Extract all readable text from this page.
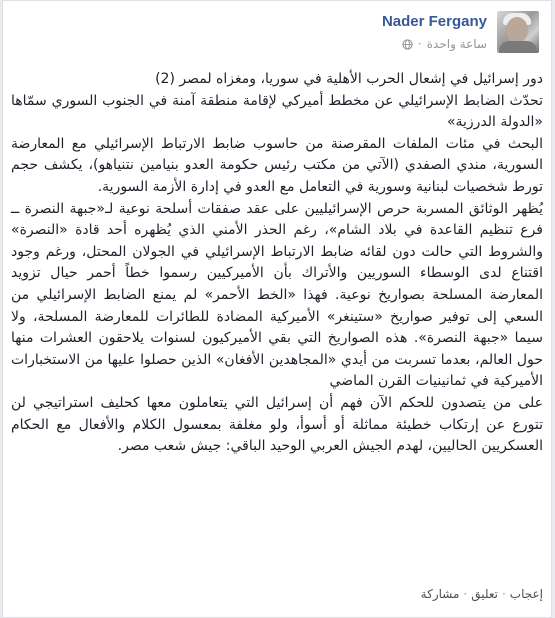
Nader Fergany
ساعة واحدة
·

دور إسرائيل في إشعال الحرب الأهلية في سوريا، ومغزاه لمصر (2)

تحدّث الضابط الإسرائيلي عن مخطط أميركي لإقامة منطقة آمنة في الجنوب السوري سمّاها «الدولة الدرزية»

البحث في مئات الملفات المقرصنة من حاسوب ضابط الارتباط الإسرائيلي مع المعارضة السورية، مندي الصفدي (الآتي من مكتب رئيس حكومة العدو بنيامين نتنياهو)، يكشف حجم تورط شخصيات لبنانية وسورية في التعامل مع العدو في إدارة الأزمة السورية.

يُظهر الوثائق المسربة حرص الإسرائيليين على عقد صفقات أسلحة نوعية لـ«جبهة النصرة ــ فرع تنظيم القاعدة في بلاد الشام»، رغم الحذر الأمني الذي يُظهره أحد قادة «النصرة» والشروط التي حالت دون لقائه ضابط الارتباط الإسرائيلي في الجولان المحتل، ورغم وجود اقتناع لدى الوسطاء السوريين والأتراك بأن الأميركيين رسموا خطاً أحمر حيال تزويد المعارضة المسلحة بصواريخ نوعية. فهذا «الخط الأحمر» لم يمنع الضابط الإسرائيلي من السعي إلى توفير صواريخ «ستينغر» الأميركية المضادة للطائرات للمعارضة المسلحة، ولا سيما «جبهة النصرة». هذه الصواريخ التي بقي الأميركيون لسنوات يلاحقون العشرات منها حول العالم، بعدما تسربت من أيدي «المجاهدين الأفغان» الذين حصلوا عليها من الاستخبارات الأميركية في ثمانينيات القرن الماضي

على من يتصدون للحكم الآن فهم أن إسرائيل التي يتعاملون معها كحليف استراتيجي لن تتورع عن إرتكاب خطيئة مماثلة أو أسوأ، ولو مغلفة بمعسول الكلام والأفعال مع الحكام العسكريين الحاليين، لهدم الجيش العربي الوحيد الباقي: جيش شعب مصر.

إعجاب
·
تعليق
·
مشاركة
